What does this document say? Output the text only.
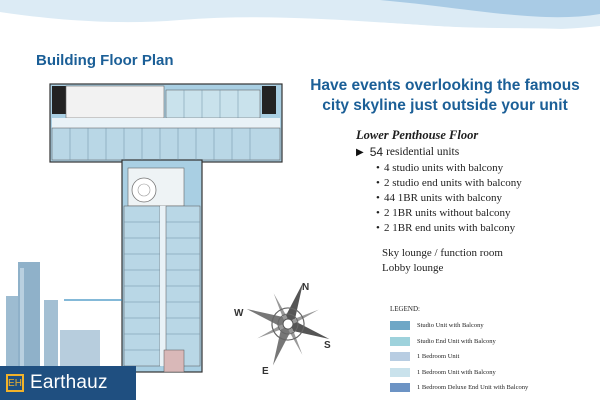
Building Floor Plan
N
W
S
E
Have events overlooking the famous
city skyline just outside your unit
Lower Penthouse Floor
▶ 54 residential units
• 4 studio units with balcony
• 2 studio end units with balcony
• 44 1BR units with balcony
• 2 1BR units without balcony
• 2 1BR end units with balcony
Sky lounge / function room
Lobby lounge
LEGEND:
Studio Unit with Balcony
Studio End Unit with Balcony
1 Bedroom Unit
1 Bedroom Unit with Balcony
1 Bedroom Deluxe End Unit with Balcony
EH Earthauz
